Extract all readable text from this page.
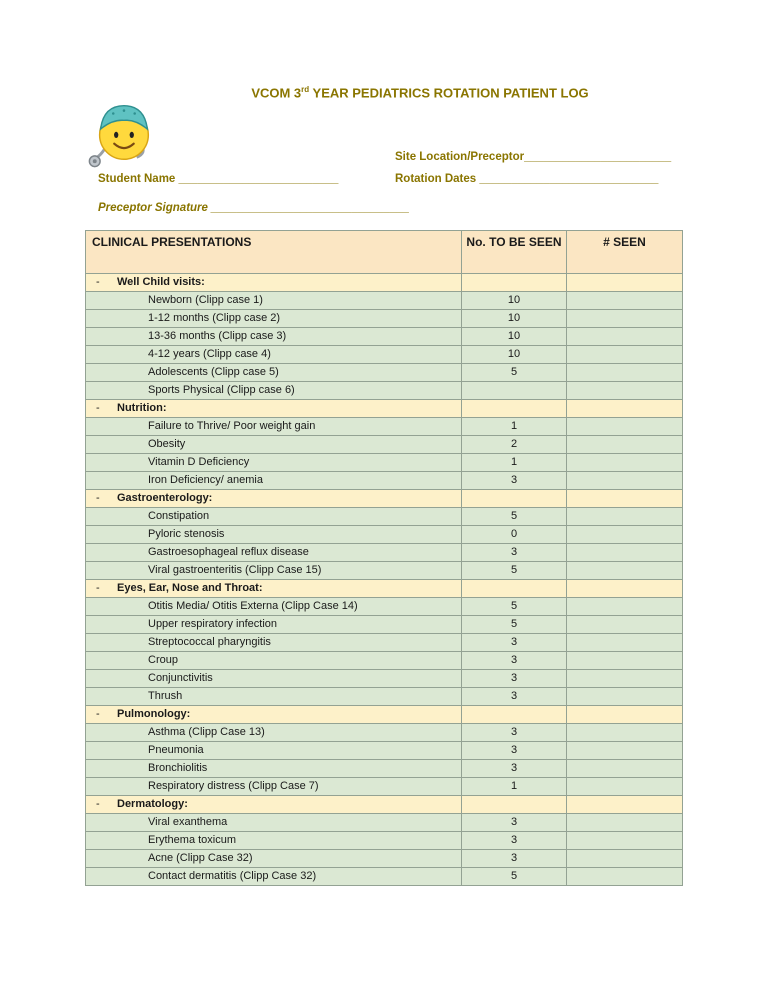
VCOM 3rd YEAR PEDIATRICS ROTATION PATIENT LOG
Site Location/Preceptor_______________________
Student Name _________________________	Rotation Dates ____________________________
Preceptor Signature _______________________________
CLINICAL PRESENTATIONS	No. TO BE SEEN	# SEEN
- Well Child visits:		
Newborn (Clipp case 1)	10	
1-12 months (Clipp case 2)	10	
13-36 months (Clipp case 3)	10	
4-12 years (Clipp case 4)	10	
Adolescents (Clipp case 5)	5	
Sports Physical (Clipp case 6)		
- Nutrition:		
Failure to Thrive/ Poor weight gain	1	
Obesity	2	
Vitamin D Deficiency	1	
Iron Deficiency/ anemia	3	
- Gastroenterology:		
Constipation	5	
Pyloric stenosis	0	
Gastroesophageal reflux disease	3	
Viral gastroenteritis (Clipp Case 15)	5	
- Eyes, Ear, Nose and Throat:		
Otitis Media/ Otitis Externa (Clipp Case 14)	5	
Upper respiratory infection	5	
Streptococcal pharyngitis	3	
Croup	3	
Conjunctivitis	3	
Thrush	3	
- Pulmonology:		
Asthma (Clipp Case 13)	3	
Pneumonia	3	
Bronchiolitis	3	
Respiratory distress (Clipp Case 7)	1	
- Dermatology:		
Viral exanthema	3	
Erythema toxicum	3	
Acne (Clipp Case 32)	3	
Contact dermatitis (Clipp Case 32)	5	
